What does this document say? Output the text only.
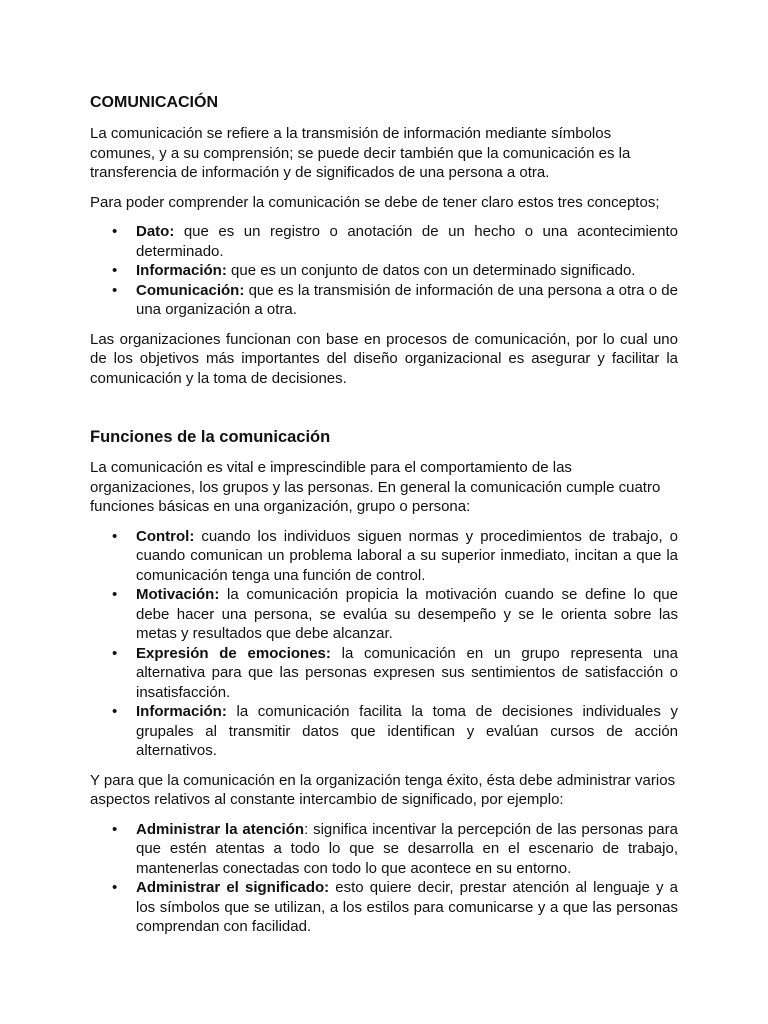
COMUNICACIÓN

La comunicación se refiere a la transmisión de información mediante símbolos comunes, y a su comprensión; se puede decir también que la comunicación es la transferencia de información y de significados de una persona a otra.

Para poder comprender la comunicación se debe de tener claro estos tres conceptos;

• Dato: que es un registro o anotación de un hecho o una acontecimiento determinado.
• Información: que es un conjunto de datos con un determinado significado.
• Comunicación: que es la transmisión de información de una persona a otra o de una organización a otra.

Las organizaciones funcionan con base en procesos de comunicación, por lo cual uno de los objetivos más importantes del diseño organizacional es asegurar y facilitar la comunicación y la toma de decisiones.

Funciones de la comunicación

La comunicación es vital e imprescindible para el comportamiento de las organizaciones, los grupos y las personas. En general la comunicación cumple cuatro funciones básicas en una organización, grupo o persona:

• Control: cuando los individuos siguen normas y procedimientos de trabajo, o cuando comunican un problema laboral a su superior inmediato, incitan a que la comunicación tenga una función de control.
• Motivación: la comunicación propicia la motivación cuando se define lo que debe hacer una persona, se evalúa su desempeño y se le orienta sobre las metas y resultados que debe alcanzar.
• Expresión de emociones: la comunicación en un grupo representa una alternativa para que las personas expresen sus sentimientos de satisfacción o insatisfacción.
• Información: la comunicación facilita la toma de decisiones individuales y grupales al transmitir datos que identifican y evalúan cursos de acción alternativos.

Y para que la comunicación en la organización tenga éxito, ésta debe administrar varios aspectos relativos al constante intercambio de significado, por ejemplo:

• Administrar la atención: significa incentivar la percepción de las personas para que estén atentas a todo lo que se desarrolla en el escenario de trabajo, mantenerlas conectadas con todo lo que acontece en su entorno.
• Administrar el significado: esto quiere decir, prestar atención al lenguaje y a los símbolos que se utilizan, a los estilos para comunicarse y a que las personas comprendan con facilidad.
